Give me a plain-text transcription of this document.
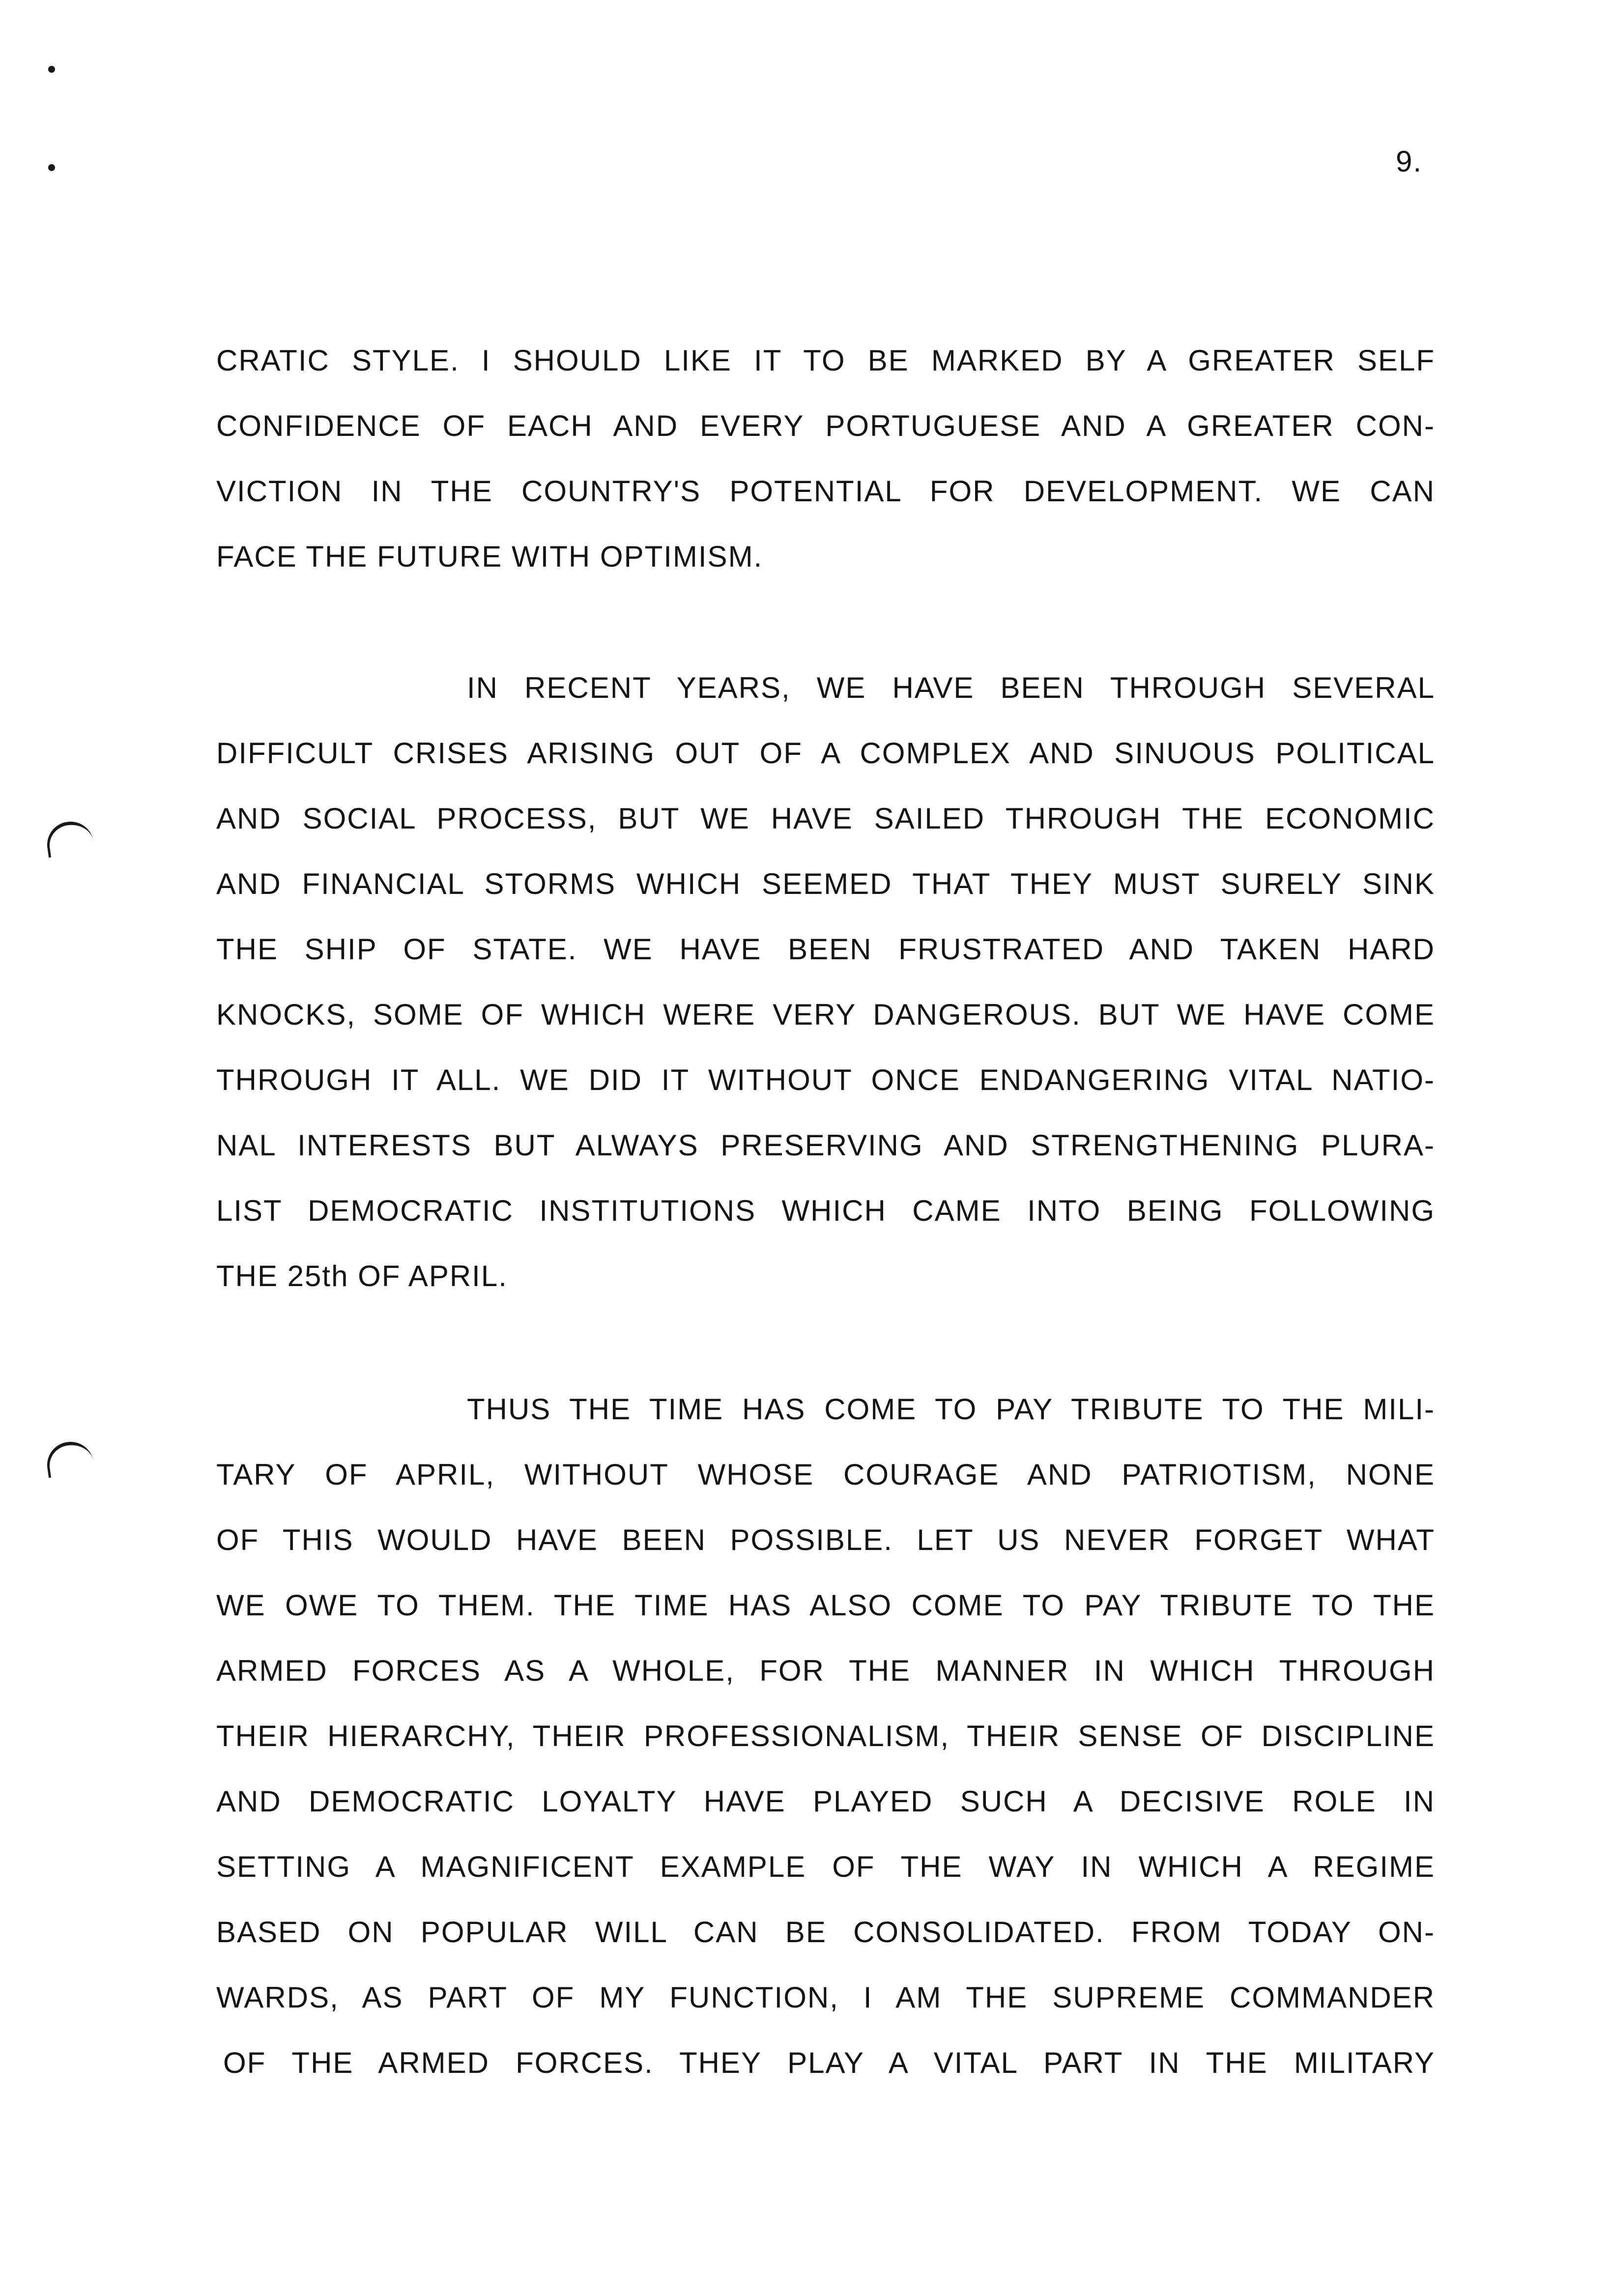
9.
CRATIC STYLE. I SHOULD LIKE IT TO BE MARKED BY A GREATER SELF
CONFIDENCE OF EACH AND EVERY PORTUGUESE AND A GREATER CON-
VICTION IN THE COUNTRY'S POTENTIAL FOR DEVELOPMENT. WE CAN
FACE THE FUTURE WITH OPTIMISM.
IN RECENT YEARS, WE HAVE BEEN THROUGH SEVERAL
DIFFICULT CRISES ARISING OUT OF A COMPLEX AND SINUOUS POLITICAL
AND SOCIAL PROCESS, BUT WE HAVE SAILED THROUGH THE ECONOMIC
AND FINANCIAL STORMS WHICH SEEMED THAT THEY MUST SURELY SINK
THE SHIP OF STATE. WE HAVE BEEN FRUSTRATED AND TAKEN HARD
KNOCKS, SOME OF WHICH WERE VERY DANGEROUS. BUT WE HAVE COME
THROUGH IT ALL. WE DID IT WITHOUT ONCE ENDANGERING VITAL NATIO-
NAL INTERESTS BUT ALWAYS PRESERVING AND STRENGTHENING PLURA-
LIST DEMOCRATIC INSTITUTIONS WHICH CAME INTO BEING FOLLOWING
THE 25th OF APRIL.
THUS THE TIME HAS COME TO PAY TRIBUTE TO THE MILI-
TARY OF APRIL, WITHOUT WHOSE COURAGE AND PATRIOTISM, NONE
OF THIS WOULD HAVE BEEN POSSIBLE. LET US NEVER FORGET WHAT
WE OWE TO THEM. THE TIME HAS ALSO COME TO PAY TRIBUTE TO THE
ARMED FORCES AS A WHOLE, FOR THE MANNER IN WHICH THROUGH
THEIR HIERARCHY, THEIR PROFESSIONALISM, THEIR SENSE OF DISCIPLINE
AND DEMOCRATIC LOYALTY HAVE PLAYED SUCH A DECISIVE ROLE IN
SETTING A MAGNIFICENT EXAMPLE OF THE WAY IN WHICH A REGIME
BASED ON POPULAR WILL CAN BE CONSOLIDATED. FROM TODAY ON-
WARDS, AS PART OF MY FUNCTION, I AM THE SUPREME COMMANDER
OF THE ARMED FORCES. THEY PLAY A VITAL PART IN THE MILITARY
